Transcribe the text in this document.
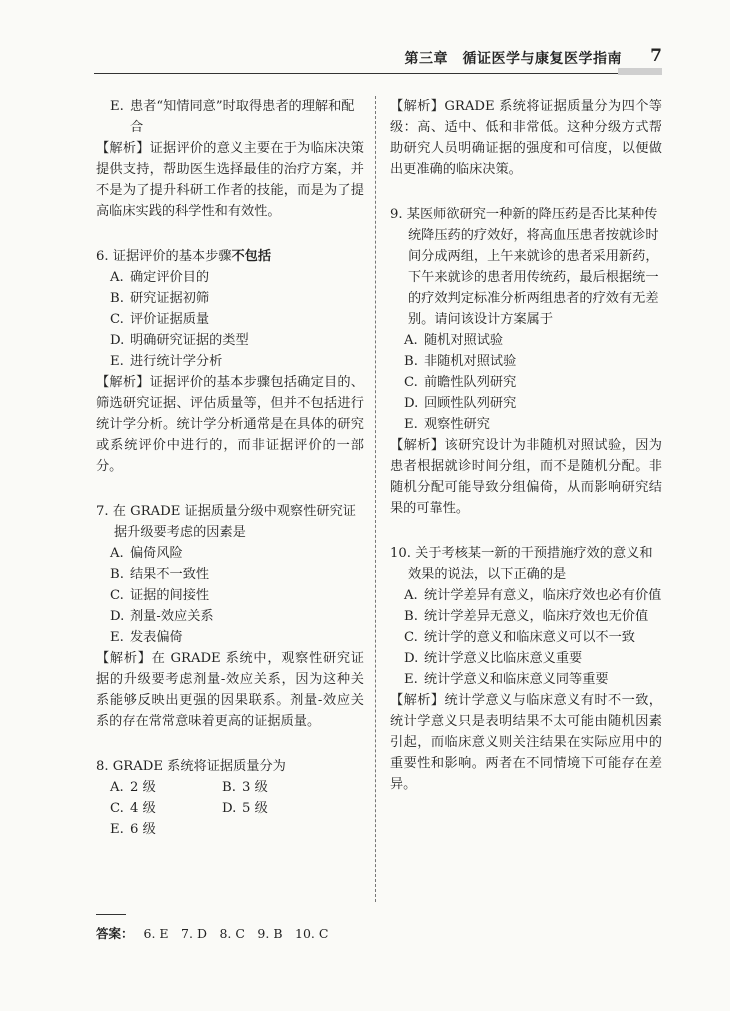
第三章　循证医学与康复医学指南 7
E. 患者“知情同意”时取得患者的理解和配合

【解析】证据评价的意义主要在于为临床决策提供支持，帮助医生选择最佳的治疗方案，并不是为了提升科研工作者的技能，而是为了提高临床实践的科学性和有效性。

6. 证据评价的基本步骤不包括

A. 确定评价目的
B. 研究证据初筛
C. 评价证据质量
D. 明确研究证据的类型
E. 进行统计学分析

【解析】证据评价的基本步骤包括确定目的、筛选研究证据、评估质量等，但并不包括进行统计学分析。统计学分析通常是在具体的研究或系统评价中进行的，而非证据评价的一部分。

7. 在 GRADE 证据质量分级中观察性研究证据升级要考虑的因素是

A. 偏倚风险
B. 结果不一致性
C. 证据的间接性
D. 剂量-效应关系
E. 发表偏倚

【解析】在 GRADE 系统中，观察性研究证据的升级要考虑剂量-效应关系，因为这种关系能够反映出更强的因果联系。剂量-效应关系的存在常常意味着更高的证据质量。

8. GRADE 系统将证据质量分为

A. 2 级	B. 3 级
C. 4 级	D. 5 级
E. 6 级

【解析】GRADE 系统将证据质量分为四个等级：高、适中、低和非常低。这种分级方式帮助研究人员明确证据的强度和可信度，以便做出更准确的临床决策。

9. 某医师欲研究一种新的降压药是否比某种传统降压药的疗效好，将高血压患者按就诊时间分成两组，上午来就诊的患者采用新药，下午来就诊的患者用传统药，最后根据统一的疗效判定标准分析两组患者的疗效有无差别。请问该设计方案属于

A. 随机对照试验
B. 非随机对照试验
C. 前瞻性队列研究
D. 回顾性队列研究
E. 观察性研究

【解析】该研究设计为非随机对照试验，因为患者根据就诊时间分组，而不是随机分配。非随机分配可能导致分组偏倚，从而影响研究结果的可靠性。

10. 关于考核某一新的干预措施疗效的意义和效果的说法，以下正确的是

A. 统计学差异有意义，临床疗效也必有价值
B. 统计学差异无意义，临床疗效也无价值
C. 统计学的意义和临床意义可以不一致
D. 统计学意义比临床意义重要
E. 统计学意义和临床意义同等重要

【解析】统计学意义与临床意义有时不一致，统计学意义只是表明结果不太可能由随机因素引起，而临床意义则关注结果在实际应用中的重要性和影响。两者在不同情境下可能存在差异。

答案： 6. E　7. D　8. C　9. B　10. C
